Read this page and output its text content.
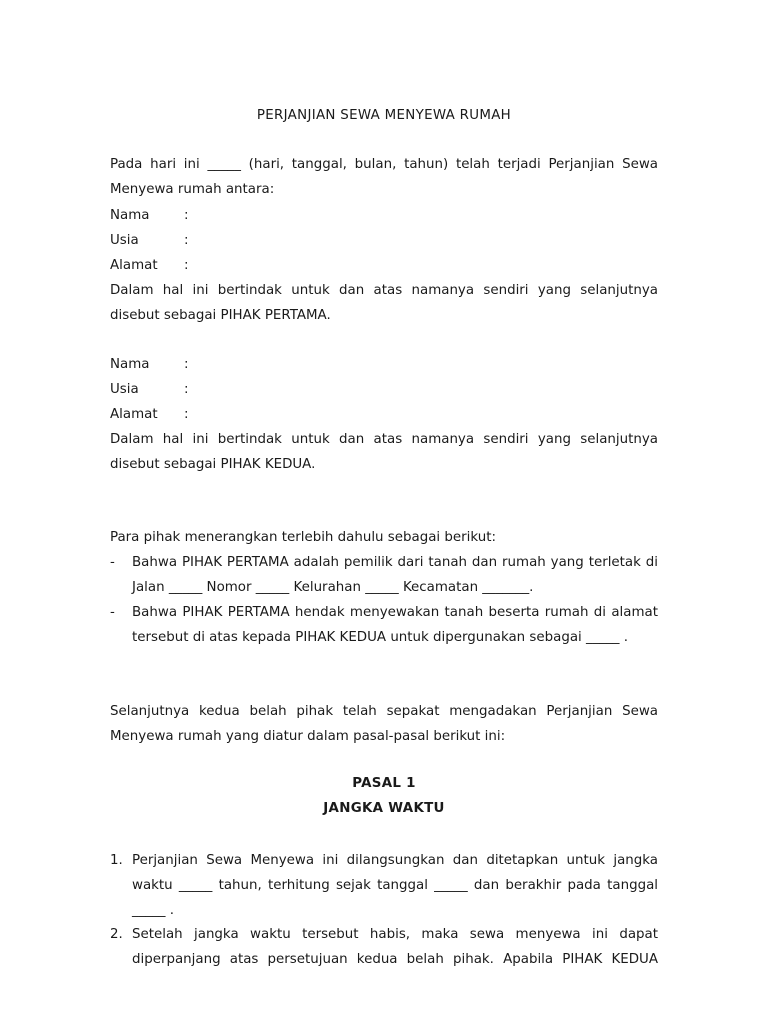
PERJANJIAN SEWA MENYEWA RUMAH
Pada hari ini _____ (hari, tanggal, bulan, tahun) telah terjadi Perjanjian Sewa Menyewa rumah antara:
Nama	:
Usia	:
Alamat :
Dalam hal ini bertindak untuk dan atas namanya sendiri yang selanjutnya disebut sebagai PIHAK PERTAMA.
Nama	:
Usia	:
Alamat :
Dalam hal ini bertindak untuk dan atas namanya sendiri yang selanjutnya disebut sebagai PIHAK KEDUA.
Para pihak menerangkan terlebih dahulu sebagai berikut:
- Bahwa PIHAK PERTAMA adalah pemilik dari tanah dan rumah yang terletak di Jalan _____ Nomor _____ Kelurahan _____ Kecamatan _______.
- Bahwa PIHAK PERTAMA hendak menyewakan tanah beserta rumah di alamat tersebut di atas kepada PIHAK KEDUA untuk dipergunakan sebagai _____ .
Selanjutnya kedua belah pihak telah sepakat mengadakan Perjanjian Sewa Menyewa rumah yang diatur dalam pasal-pasal berikut ini:
PASAL 1
JANGKA WAKTU
1. Perjanjian Sewa Menyewa ini dilangsungkan dan ditetapkan untuk jangka waktu _____ tahun, terhitung sejak tanggal _____ dan berakhir pada tanggal _____ .
2. Setelah jangka waktu tersebut habis, maka sewa menyewa ini dapat diperpanjang atas persetujuan kedua belah pihak. Apabila PIHAK KEDUA
